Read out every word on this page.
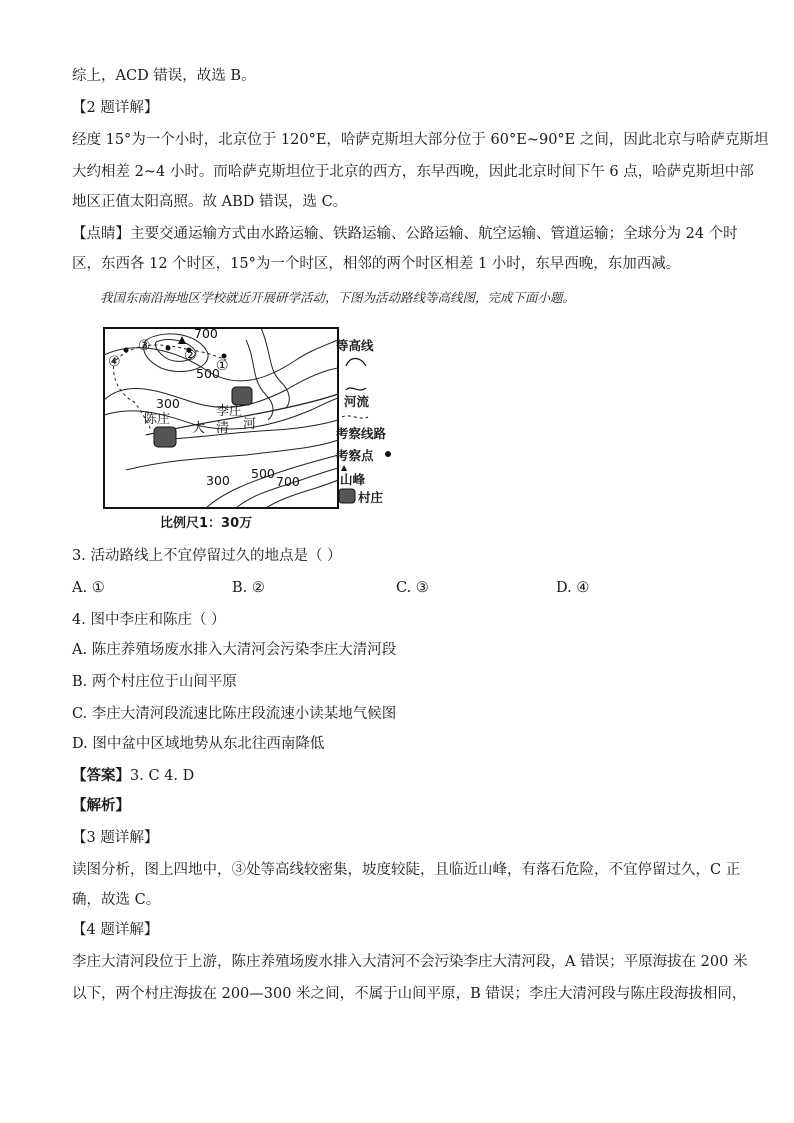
综上，ACD 错误，故选 B。
【2 题详解】
经度 15°为一个小时，北京位于 120°E，哈萨克斯坦大部分位于 60°E~90°E 之间，因此北京与哈萨克斯坦
大约相差 2~4 小时。而哈萨克斯坦位于北京的西方，东早西晚，因此北京时间下午 6 点，哈萨克斯坦中部
地区正值太阳高照。故 ABD 错误，选 C。
【点睛】主要交通运输方式由水路运输、铁路运输、公路运输、航空运输、管道运输；全球分为 24 个时
区，东西各 12 个时区，15°为一个时区，相邻的两个时区相差 1 小时，东早西晚，东加西减。
我国东南沿海地区学校就近开展研学活动，下图为活动路线等高线图，完成下面小题。
700
500
300
300 500
700
李庄
陈庄
大 清 河
①
②
③
④
等高线
河流
考察线路
考察点
山峰
村庄
比例尺1：30万
3. 活动路线上不宜停留过久的地点是（ ）
A. ①	B. ②	C. ③	D. ④
4. 图中李庄和陈庄（ ）
A. 陈庄养殖场废水排入大清河会污染李庄大清河段
B. 两个村庄位于山间平原
C. 李庄大清河段流速比陈庄段流速小读某地气候图
D. 图中盆中区域地势从东北往西南降低
【答案】3. C 4. D
【解析】
【3 题详解】
读图分析，图上四地中，③处等高线较密集，坡度较陡，且临近山峰，有落石危险，不宜停留过久，C 正
确，故选 C。
【4 题详解】
李庄大清河段位于上游，陈庄养殖场废水排入大清河不会污染李庄大清河段，A 错误；平原海拔在 200 米
以下，两个村庄海拔在 200—300 米之间，不属于山间平原，B 错误；李庄大清河段与陈庄段海拔相同，
